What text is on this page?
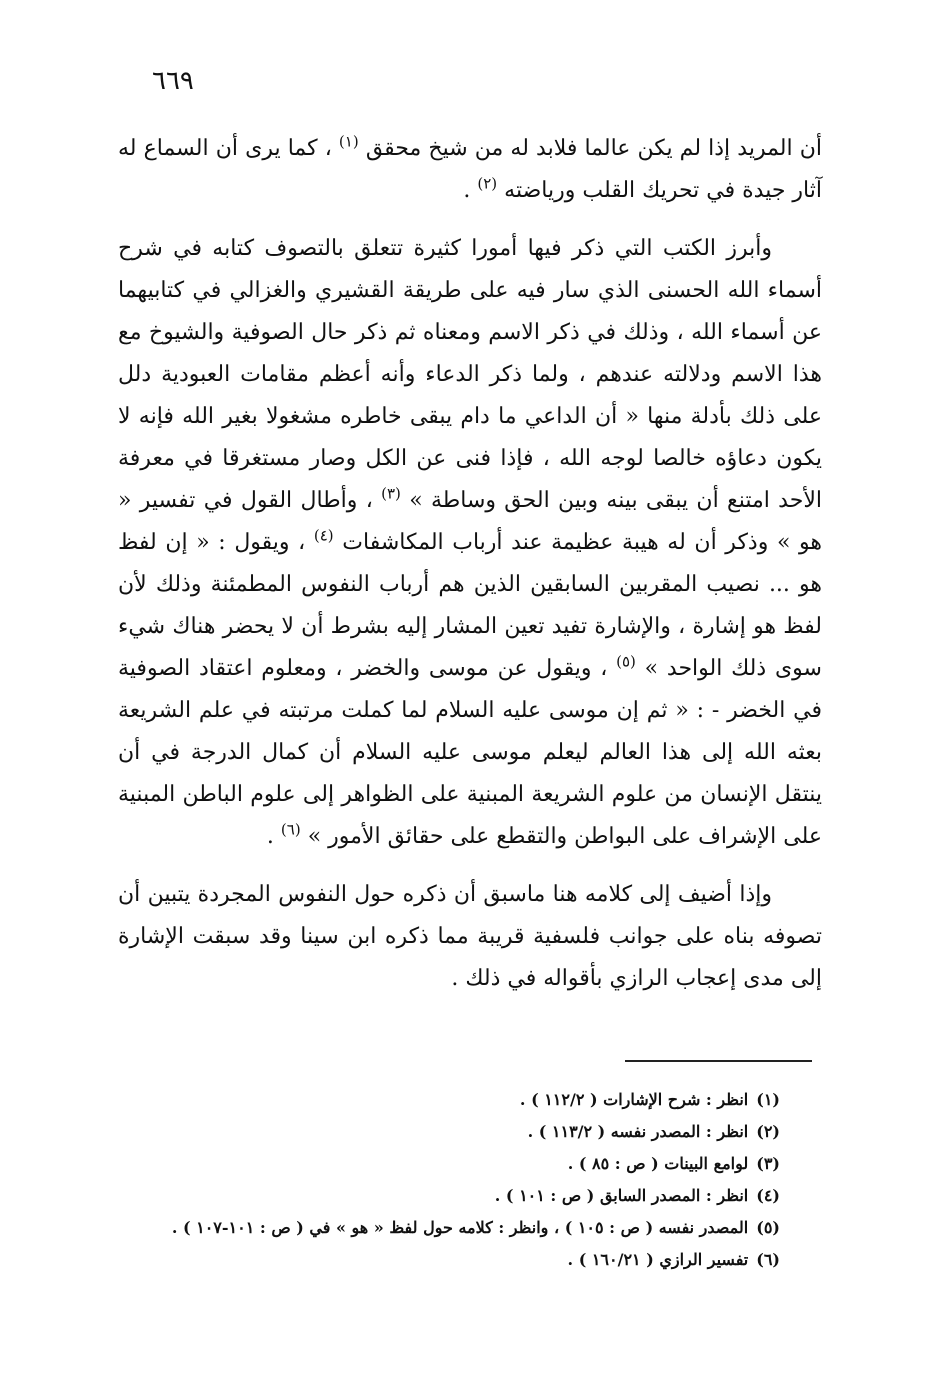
٦٦٩

أن المريد إذا لم يكن عالما فلابد له من شيخ محقق $^{(١)}$ ، كما يرى أن السماع له آثار جيدة في تحريك القلب ورياضته $^{(٢)}$ .

وأبرز الكتب التي ذكر فيها أمورا كثيرة تتعلق بالتصوف كتابه في شرح أسماء الله الحسنى الذي سار فيه على طريقة القشيري والغزالي في كتابيهما عن أسماء الله ، وذلك في ذكر الاسم ومعناه ثم ذكر حال الصوفية والشيوخ مع هذا الاسم ودلالته عندهم ، ولما ذكر الدعاء وأنه أعظم مقامات العبودية دلل على ذلك بأدلة منها « أن الداعي ما دام يبقى خاطره مشغولا بغير الله فإنه لا يكون دعاؤه خالصا لوجه الله ، فإذا فنى عن الكل وصار مستغرقا في معرفة الأحد امتنع أن يبقى بينه وبين الحق وساطة » $^{(٣)}$ ، وأطال القول في تفسير « هو » وذكر أن له هيبة عظيمة عند أرباب المكاشفات $^{(٤)}$ ، ويقول : « إن لفظ هو ... نصيب المقربين السابقين الذين هم أرباب النفوس المطمئنة وذلك لأن لفظ هو إشارة ، والإشارة تفيد تعين المشار إليه بشرط أن لا يحضر هناك شيء سوى ذلك الواحد » $^{(٥)}$ ، ويقول عن موسى والخضر ، ومعلوم اعتقاد الصوفية في الخضر - : « ثم إن موسى عليه السلام لما كملت مرتبته في علم الشريعة بعثه الله إلى هذا العالم ليعلم موسى عليه السلام أن كمال الدرجة في أن ينتقل الإنسان من علوم الشريعة المبنية على الظواهر إلى علوم الباطن المبنية على الإشراف على البواطن والتقطع على حقائق الأمور » $^{(٦)}$ .

وإذا أضيف إلى كلامه هنا ماسبق أن ذكره حول النفوس المجردة يتبين أن تصوفه بناه على جوانب فلسفية قريبة مما ذكره ابن سينا وقد سبقت الإشارة إلى مدى إعجاب الرازي بأقواله في ذلك .

(١)انظر : شرح الإشارات ( ١١٢/٢ ) .

(٢)انظر : المصدر نفسه ( ١١٣/٢ ) .

(٣)لوامع البينات ( ص : ٨٥ ) .

(٤)انظر : المصدر السابق ( ص : ١٠١ ) .

(٥)المصدر نفسه ( ص : ١٠٥ ) ، وانظر : كلامه حول لفظ « هو » في ( ص : ١٠١-١٠٧ ) .

(٦)تفسير الرازي ( ١٦٠/٢١ ) .
